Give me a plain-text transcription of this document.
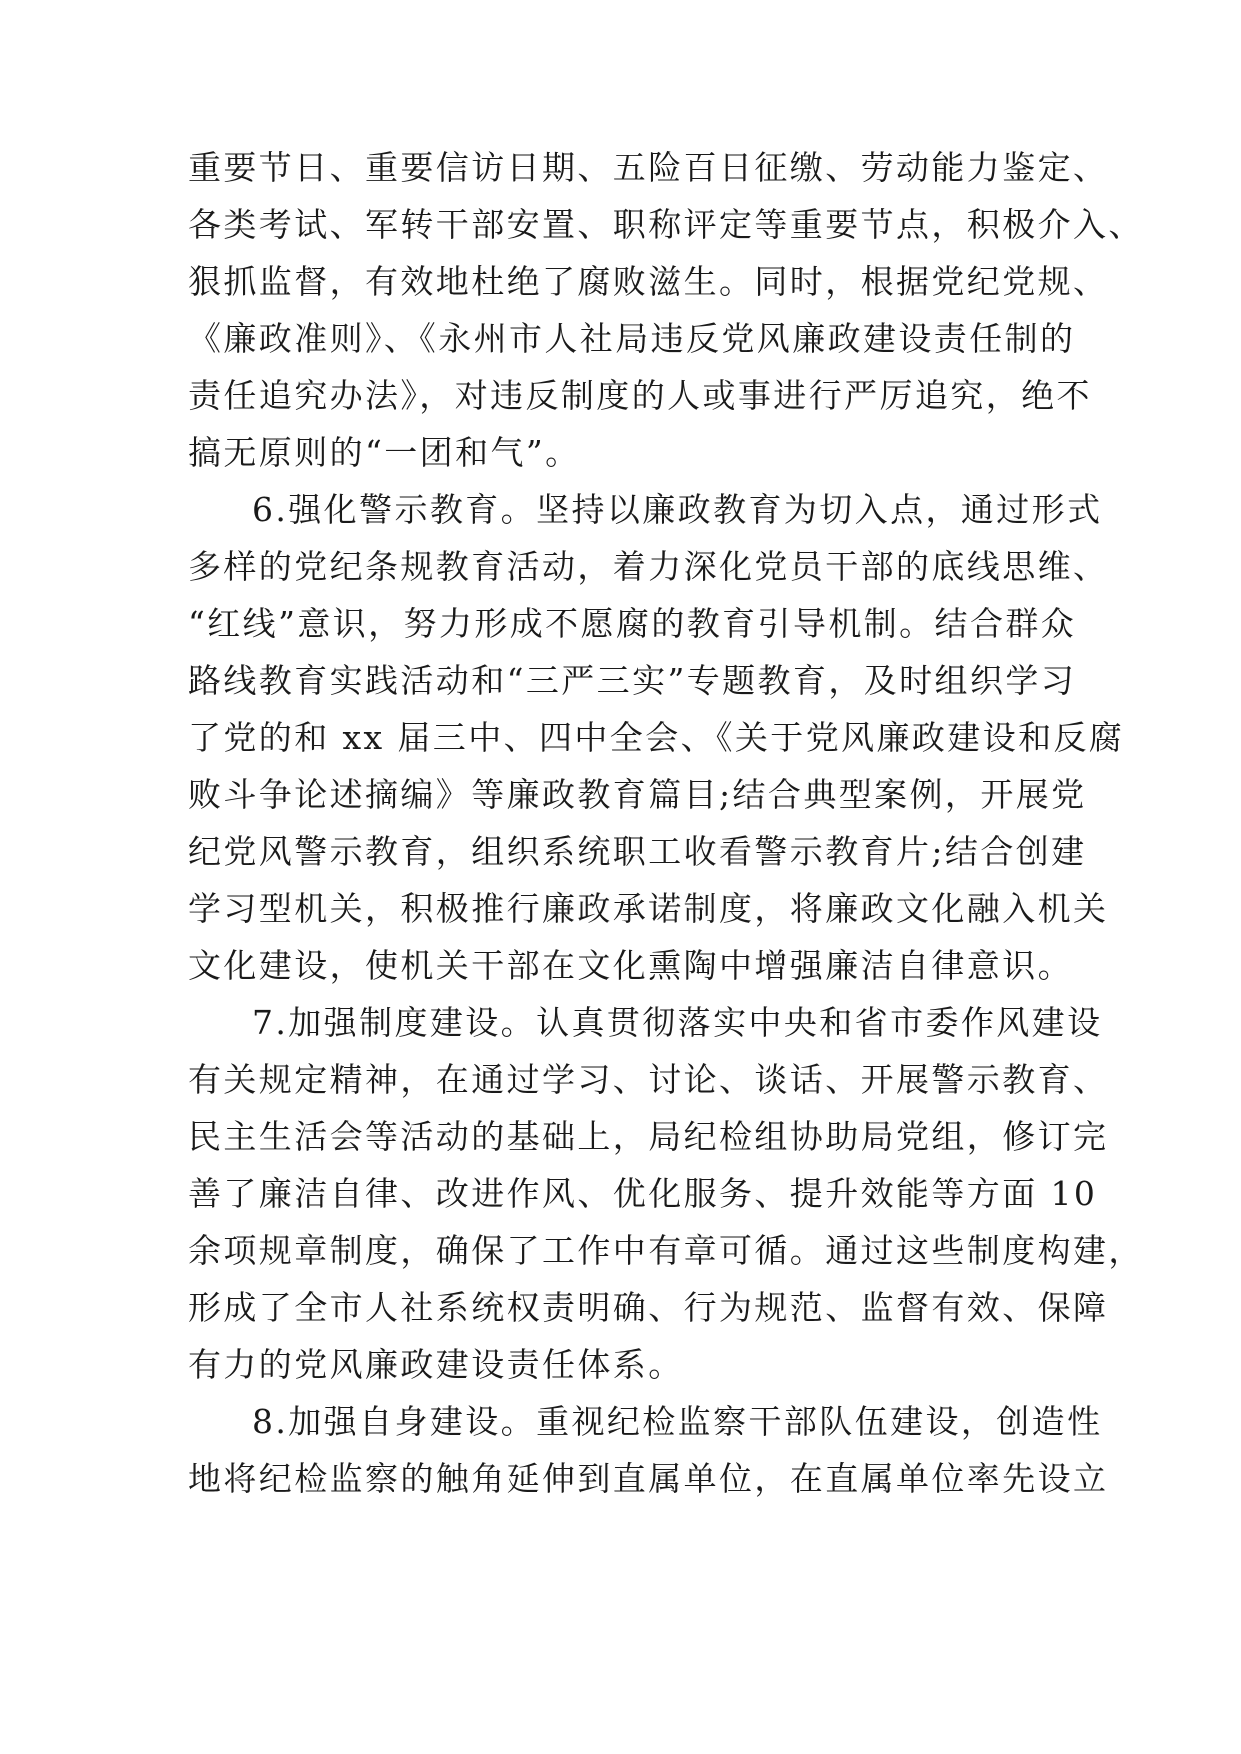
重要节日、重要信访日期、五险百日征缴、劳动能力鉴定、
各类考试、军转干部安置、职称评定等重要节点，积极介入、
狠抓监督，有效地杜绝了腐败滋生。同时，根据党纪党规、
《廉政准则》、《永州市人社局违反党风廉政建设责任制的
责任追究办法》，对违反制度的人或事进行严厉追究，绝不
搞无原则的“一团和气”。
6.强化警示教育。坚持以廉政教育为切入点，通过形式
多样的党纪条规教育活动，着力深化党员干部的底线思维、
“红线”意识，努力形成不愿腐的教育引导机制。结合群众
路线教育实践活动和“三严三实”专题教育，及时组织学习
了党的和 xx 届三中、四中全会、《关于党风廉政建设和反腐
败斗争论述摘编》等廉政教育篇目;结合典型案例，开展党
纪党风警示教育，组织系统职工收看警示教育片;结合创建
学习型机关，积极推行廉政承诺制度，将廉政文化融入机关
文化建设，使机关干部在文化熏陶中增强廉洁自律意识。
7.加强制度建设。认真贯彻落实中央和省市委作风建设
有关规定精神，在通过学习、讨论、谈话、开展警示教育、
民主生活会等活动的基础上，局纪检组协助局党组，修订完
善了廉洁自律、改进作风、优化服务、提升效能等方面 10
余项规章制度，确保了工作中有章可循。通过这些制度构建，
形成了全市人社系统权责明确、行为规范、监督有效、保障
有力的党风廉政建设责任体系。
8.加强自身建设。重视纪检监察干部队伍建设，创造性
地将纪检监察的触角延伸到直属单位，在直属单位率先设立
